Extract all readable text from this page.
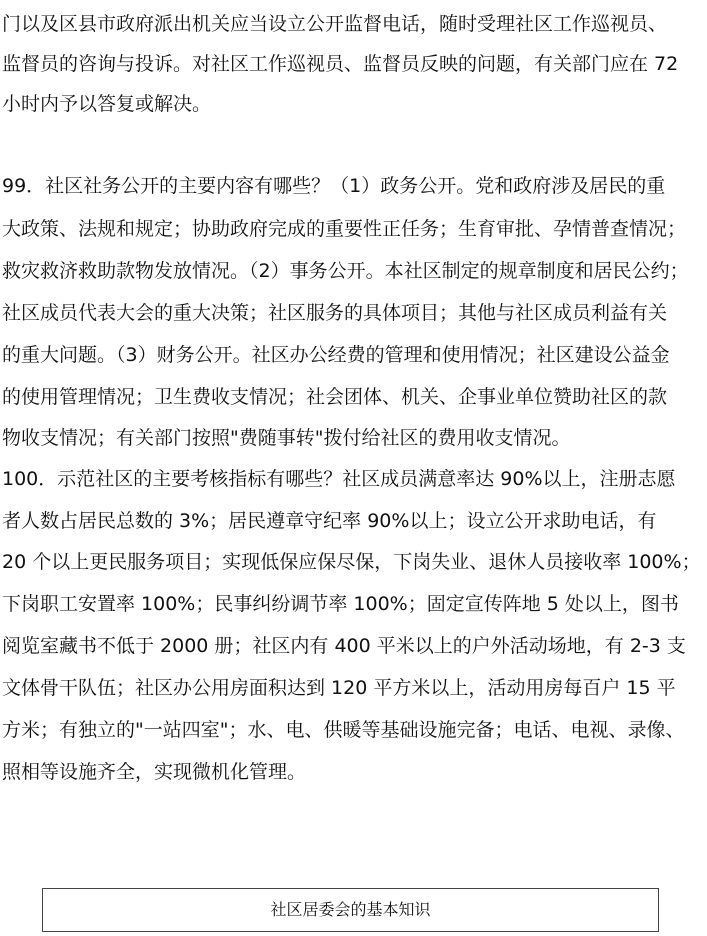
门以及区县市政府派出机关应当设立公开监督电话，随时受理社区工作巡视员、
监督员的咨询与投诉。对社区工作巡视员、监督员反映的问题，有关部门应在 72
小时内予以答复或解决。
99．社区社务公开的主要内容有哪些？（1）政务公开。党和政府涉及居民的重
大政策、法规和规定；协助政府完成的重要性正任务；生育审批、孕情普查情况；
救灾救济救助款物发放情况。（2）事务公开。本社区制定的规章制度和居民公约；
社区成员代表大会的重大决策；社区服务的具体项目；其他与社区成员利益有关
的重大问题。（3）财务公开。社区办公经费的管理和使用情况；社区建设公益金
的使用管理情况；卫生费收支情况；社会团体、机关、企事业单位赞助社区的款
物收支情况；有关部门按照"费随事转"拨付给社区的费用收支情况。
100．示范社区的主要考核指标有哪些？社区成员满意率达 90%以上，注册志愿
者人数占居民总数的 3%；居民遵章守纪率 90%以上；设立公开求助电话，有
20 个以上更民服务项目；实现低保应保尽保，下岗失业、退休人员接收率 100%；
下岗职工安置率 100%；民事纠纷调节率 100%；固定宣传阵地 5 处以上，图书
阅览室藏书不低于 2000 册；社区内有 400 平米以上的户外活动场地，有 2-3 支
文体骨干队伍；社区办公用房面积达到 120 平方米以上，活动用房每百户 15 平
方米；有独立的"一站四室"；水、电、供暖等基础设施完备；电话、电视、录像、
照相等设施齐全，实现微机化管理。
社区居委会的基本知识
